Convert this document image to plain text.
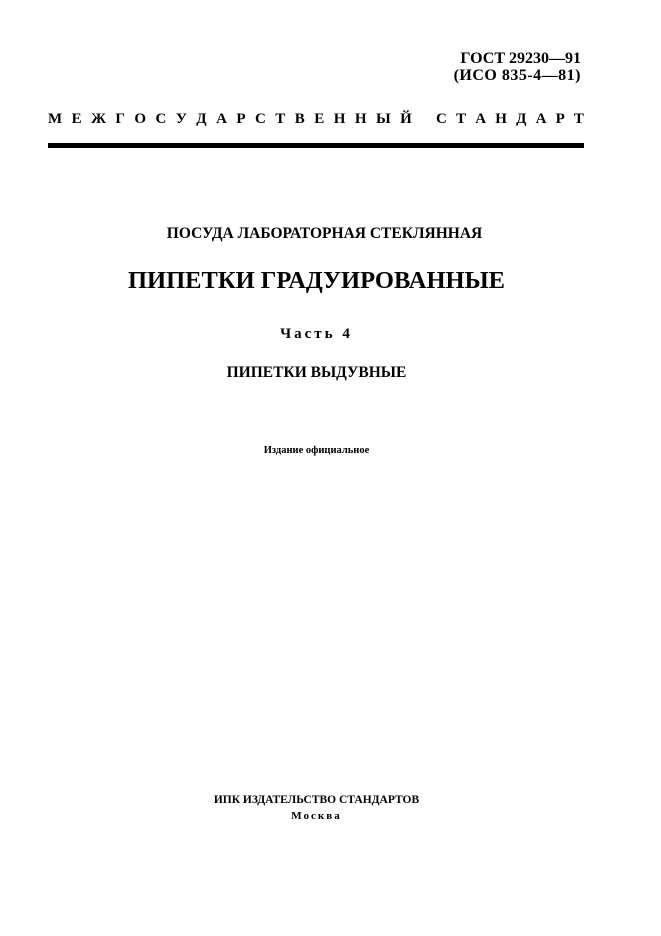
ГОСТ 29230—91
(ИСО 835-4—81)
М Е Ж Г О С У Д А Р С Т В Е Н Н Ы Й С Т А Н Д А Р Т
ПОСУДА ЛАБОРАТОРНАЯ СТЕКЛЯННАЯ
ПИПЕТКИ ГРАДУИРОВАННЫЕ
Часть 4
ПИПЕТКИ ВЫДУВНЫЕ
Издание официальное
ИПК ИЗДАТЕЛЬСТВО СТАНДАРТОВ
Москва
